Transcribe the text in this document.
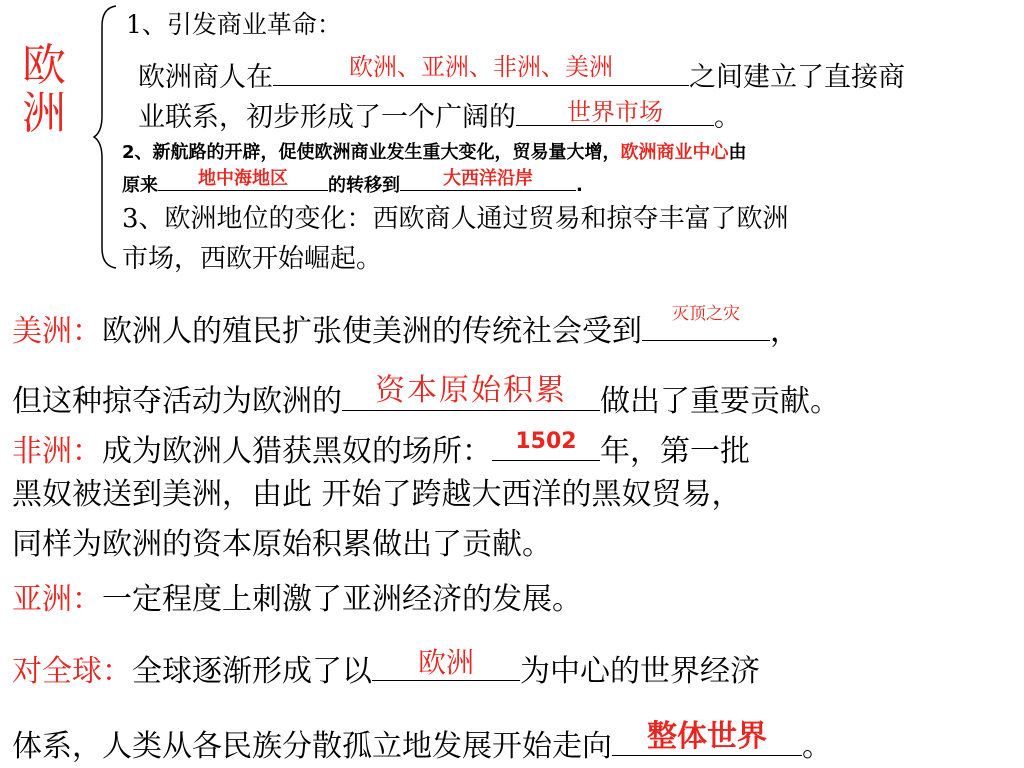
欧
洲
1、引发商业革命：
欧洲商人在	欧洲、亚洲、非洲、美洲	之间建立了直接商
业联系，初步形成了一个广阔的	世界市场	。
2、新航路的开辟，促使欧洲商业发生重大变化，贸易量大增，欧洲商业中心由
原来	地中海地区	的转移到	大西洋沿岸	.
3、欧洲地位的变化：西欧商人通过贸易和掠夺丰富了欧洲
市场，西欧开始崛起。
美洲：欧洲人的殖民扩张使美洲的传统社会受到	灭顶之灾	，
但这种掠夺活动为欧洲的	资本原始积累	做出了重要贡献。
非洲：成为欧洲人猎获黑奴的场所：	1502 年，第一批
黑奴被送到美洲，由此 开始了跨越大西洋的黑奴贸易，
同样为欧洲的资本原始积累做出了贡献。
亚洲：一定程度上刺激了亚洲经济的发展。
对全球：全球逐渐形成了以	欧洲	为中心的世界经济
体系，人类从各民族分散孤立地发展开始走向	整体世界	。
